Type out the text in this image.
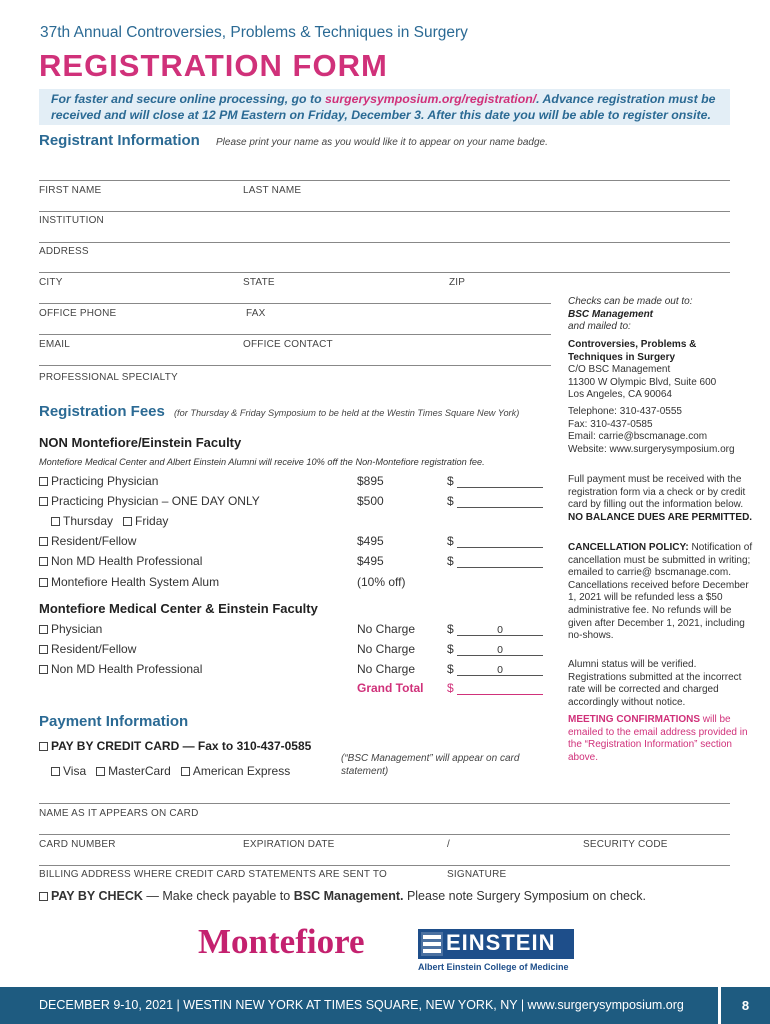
37th Annual Controversies, Problems & Techniques in Surgery
REGISTRATION FORM
For faster and secure online processing, go to surgerysymposium.org/registration/. Advance registration must be received and will close at 12 PM Eastern on Friday, December 3. After this date you will be able to register onsite.
Registrant Information Please print your name as you would like it to appear on your name badge.
FIRST NAME	LAST NAME
INSTITUTION
ADDRESS
CITY	STATE	ZIP
OFFICE PHONE	FAX
EMAIL	OFFICE CONTACT
PROFESSIONAL SPECIALTY
Registration Fees (for Thursday & Friday Symposium to be held at the Westin Times Square New York)
NON Montefiore/Einstein Faculty
Montefiore Medical Center and Albert Einstein Alumni will receive 10% off the Non-Montefiore registration fee.
Practicing Physician	$895	$
Practicing Physician – ONE DAY ONLY	$500	$
Thursday Friday
Resident/Fellow	$495	$
Non MD Health Professional	$495	$
Montefiore Health System Alum	(10% off)
Montefiore Medical Center & Einstein Faculty
Physician	No Charge	$	0
Resident/Fellow	No Charge	$	0
Non MD Health Professional	No Charge	$	0
Grand Total $
Payment Information
PAY BY CREDIT CARD — Fax to 310-437-0585
Visa MasterCard American Express
(“BSC Management” will appear on card statement)
NAME AS IT APPEARS ON CARD
CARD NUMBER	EXPIRATION DATE	/	SECURITY CODE
BILLING ADDRESS WHERE CREDIT CARD STATEMENTS ARE SENT TO	SIGNATURE
PAY BY CHECK — Make check payable to BSC Management. Please note Surgery Symposium on check.
Checks can be made out to:
BSC Management
and mailed to:
Controversies, Problems &
Techniques in Surgery
C/O BSC Management
11300 W Olympic Blvd, Suite 600
Los Angeles, CA 90064
Telephone: 310-437-0555
Fax: 310-437-0585
Email: carrie@bscmanage.com
Website: www.surgerysymposium.org
Full payment must be received with the registration form via a check or by credit card by filling out the information below. NO BALANCE DUES ARE PERMITTED.
CANCELLATION POLICY: Notification of cancellation must be submitted in writing; emailed to carrie@ bscmanage.com. Cancellations received before December 1, 2021 will be refunded less a $50 administrative fee. No refunds will be given after December 1, 2021, including no-shows.
Alumni status will be verified. Registrations submitted at the incorrect rate will be corrected and charged accordingly without notice.
MEETING CONFIRMATIONS will be emailed to the email address provided in the “Registration Information” section above.
Montefiore	EINSTEIN
Albert Einstein College of Medicine
DECEMBER 9-10, 2021 | WESTIN NEW YORK AT TIMES SQUARE, NEW YORK, NY | www.surgerysymposium.org	8
